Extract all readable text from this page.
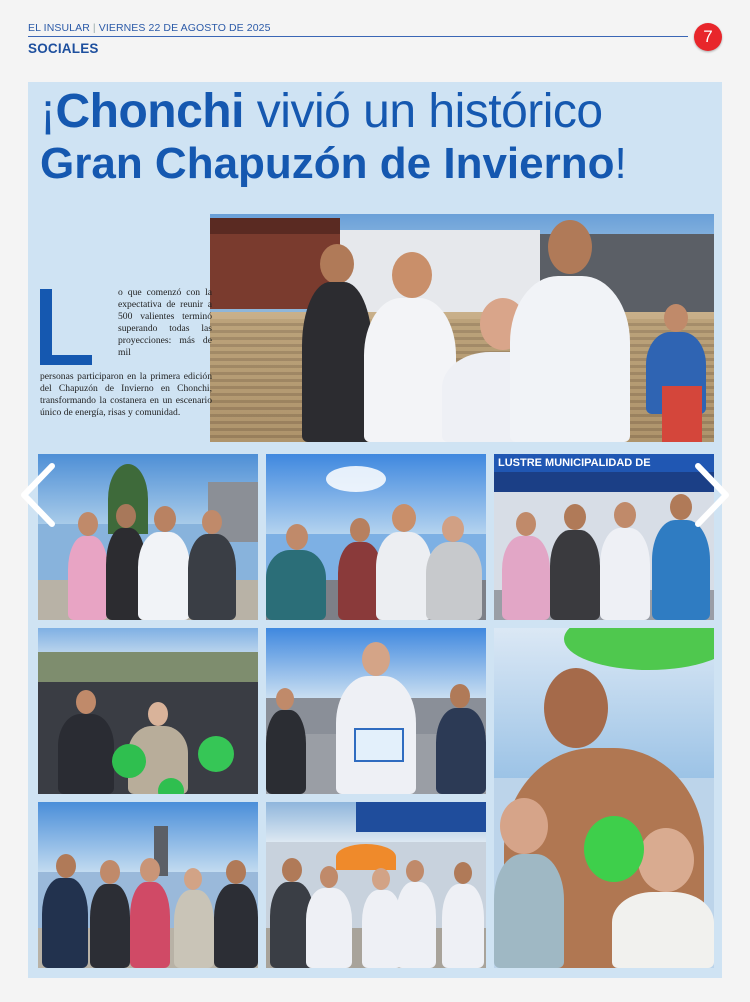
EL INSULAR | VIERNES 22 DE AGOSTO DE 2025
SOCIALES
7
¡Chonchi vivió un histórico
Gran Chapuzón de Invierno!
o que comenzó con la expectativa de reunir a 500 valientes terminó superando todas las proyecciones: más de mil
personas participaron en la primera edición del Chapuzón de Invierno en Chonchi, transformando la costanera en un escenario único de energía, risas y comunidad.
LUSTRE MUNICIPALIDAD DE
